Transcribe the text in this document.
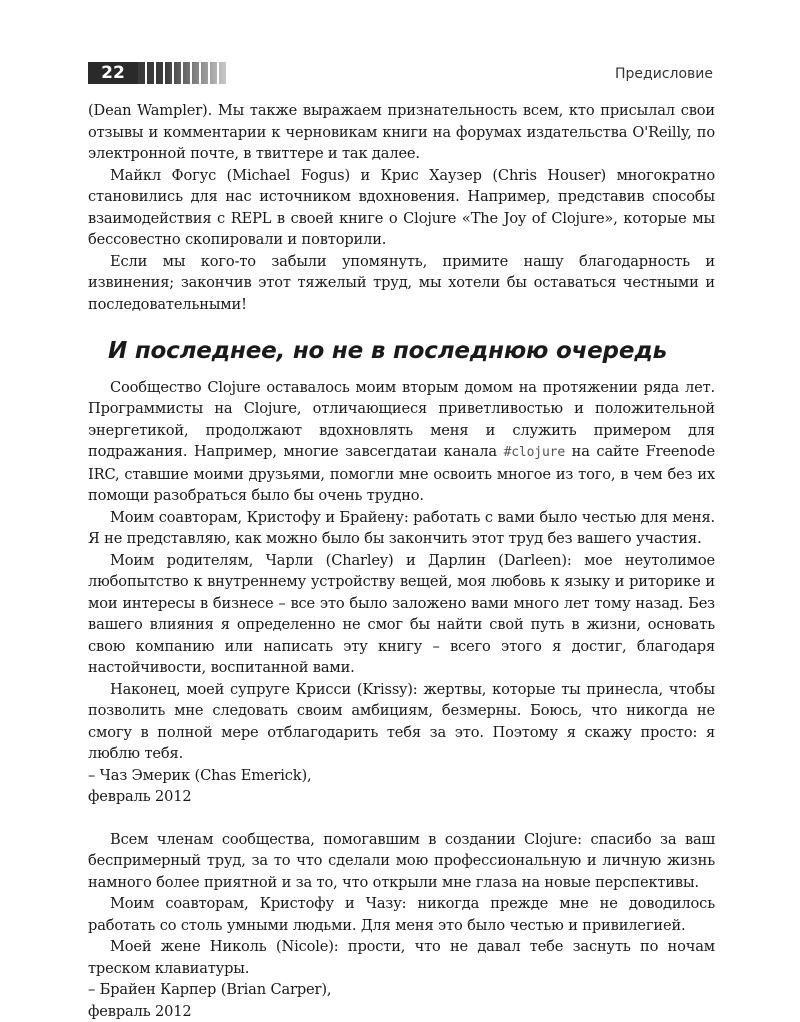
22	Предисловие

(Dean Wampler). Мы также выражаем признательность всем, кто присылал свои отзывы и комментарии к черновикам книги на форумах издательства O'Reilly, по электронной почте, в твиттере и так далее.

Майкл Фогус (Michael Fogus) и Крис Хаузер (Chris Houser) многократно становились для нас источником вдохновения. Например, представив способы взаимодействия с REPL в своей книге о Clojure «The Joy of Clojure», которые мы бессовестно скопировали и повторили.

Если мы кого-то забыли упомянуть, примите нашу благодарность и извинения; закончив этот тяжелый труд, мы хотели бы оставаться честными и последовательными!

И последнее, но не в последнюю очередь

Сообщество Clojure оставалось моим вторым домом на протяжении ряда лет. Программисты на Clojure, отличающиеся приветливостью и положительной энергетикой, продолжают вдохновлять меня и служить примером для подражания. Например, многие завсегдатаи канала #clojure на сайте Freenode IRC, ставшие моими друзьями, помогли мне освоить многое из того, в чем без их помощи разобраться было бы очень трудно.

Моим соавторам, Кристофу и Брайену: работать с вами было честью для меня. Я не представляю, как можно было бы закончить этот труд без вашего участия.

Моим родителям, Чарли (Charley) и Дарлин (Darleen): мое неутолимое любопытство к внутреннему устройству вещей, моя любовь к языку и риторике и мои интересы в бизнесе – все это было заложено вами много лет тому назад. Без вашего влияния я определенно не смог бы найти свой путь в жизни, основать свою компанию или написать эту книгу – всего этого я достиг, благодаря настойчивости, воспитанной вами.

Наконец, моей супруге Крисси (Krissy): жертвы, которые ты принесла, чтобы позволить мне следовать своим амбициям, безмерны. Боюсь, что никогда не смогу в полной мере отблагодарить тебя за это. Поэтому я скажу просто: я люблю тебя.

– Чаз Эмерик (Chas Emerick),

февраль 2012

Всем членам сообщества, помогавшим в создании Clojure: спасибо за ваш беспримерный труд, за то что сделали мою профессиональную и личную жизнь намного более приятной и за то, что открыли мне глаза на новые перспективы.

Моим соавторам, Кристофу и Чазу: никогда прежде мне не доводилось работать со столь умными людьми. Для меня это было честью и привилегией.

Моей жене Николь (Nicole): прости, что не давал тебе заснуть по ночам треском клавиатуры.

– Брайен Карпер (Brian Carper),

февраль 2012
